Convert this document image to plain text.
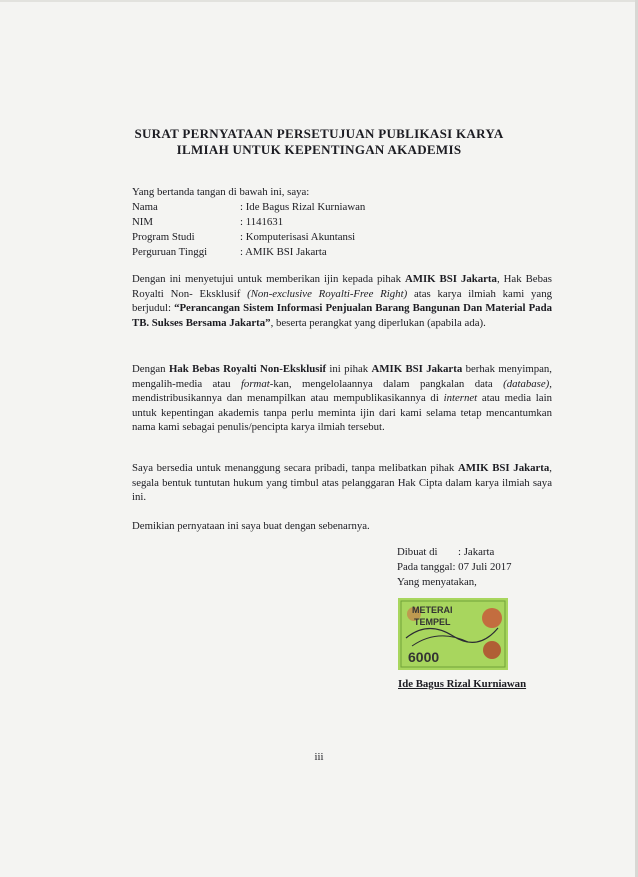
SURAT PERNYATAAN PERSETUJUAN PUBLIKASI KARYA
ILMIAH UNTUK KEPENTINGAN AKADEMIS
Yang bertanda tangan di bawah ini, saya:
Nama	: Ide Bagus Rizal Kurniawan
NIM	: 1141631
Program Studi	: Komputerisasi Akuntansi
Perguruan Tinggi	: AMIK BSI Jakarta
Dengan ini menyetujui untuk memberikan ijin kepada pihak AMIK BSI Jakarta, Hak Bebas Royalti Non- Eksklusif (Non-exclusive Royalti-Free Right) atas karya ilmiah kami yang berjudul: “Perancangan Sistem Informasi Penjualan Barang Bangunan Dan Material Pada TB. Sukses Bersama Jakarta”, beserta perangkat yang diperlukan (apabila ada).
Dengan Hak Bebas Royalti Non-Eksklusif ini pihak AMIK BSI Jakarta berhak menyimpan, mengalih-media atau format-kan, mengelolaannya dalam pangkalan data (database), mendistribusikannya dan menampilkan atau mempublikasikannya di internet atau media lain untuk kepentingan akademis tanpa perlu meminta ijin dari kami selama tetap mencantumkan nama kami sebagai penulis/pencipta karya ilmiah tersebut.
Saya bersedia untuk menanggung secara pribadi, tanpa melibatkan pihak AMIK BSI Jakarta, segala bentuk tuntutan hukum yang timbul atas pelanggaran Hak Cipta dalam karya ilmiah saya ini.
Demikian pernyataan ini saya buat dengan sebenarnya.
Dibuat di : Jakarta
Pada tanggal: 07 Juli 2017
Yang menyatakan,
METERAI
TEMPEL
6000
Ide Bagus Rizal Kurniawan
iii
